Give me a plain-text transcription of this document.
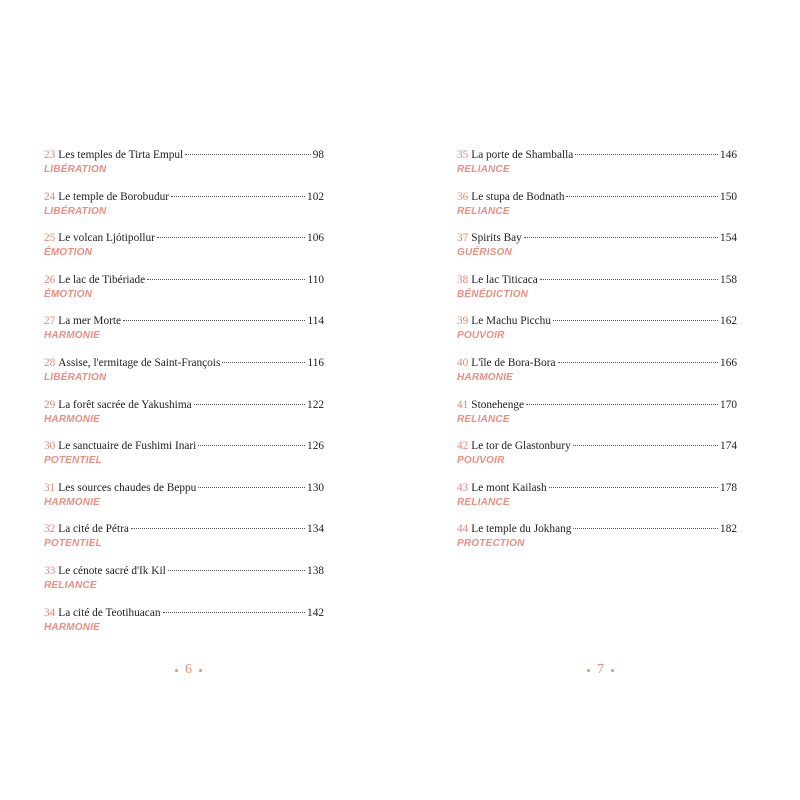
23 Les temples de Tirta Empul	98
LIBÉRATION
24 Le temple de Borobudur	102
LIBÉRATION
25 Le volcan Ljótipollur	106
ÉMOTION
26 Le lac de Tibériade	110
ÉMOTION
27 La mer Morte	114
HARMONIE
28 Assise, l'ermitage de Saint-François	116
LIBÉRATION
29 La forêt sacrée de Yakushima	122
HARMONIE
30 Le sanctuaire de Fushimi Inari	126
POTENTIEL
31 Les sources chaudes de Beppu	130
HARMONIE
32 La cité de Pétra	134
POTENTIEL
33 Le cénote sacré d'Ik Kil	138
RELIANCE
34 La cité de Teotihuacan	142
HARMONIE
35 La porte de Shamballa	146
RELIANCE
36 Le stupa de Bodnath	150
RELIANCE
37 Spirits Bay	154
GUÉRISON
38 Le lac Titicaca	158
BÉNÉDICTION
39 Le Machu Picchu	162
POUVOIR
40 L'île de Bora-Bora	166
HARMONIE
41 Stonehenge	170
RELIANCE
42 Le tor de Glastonbury	174
POUVOIR
43 Le mont Kailash	178
RELIANCE
44 Le temple du Jokhang	182
PROTECTION
6	7
